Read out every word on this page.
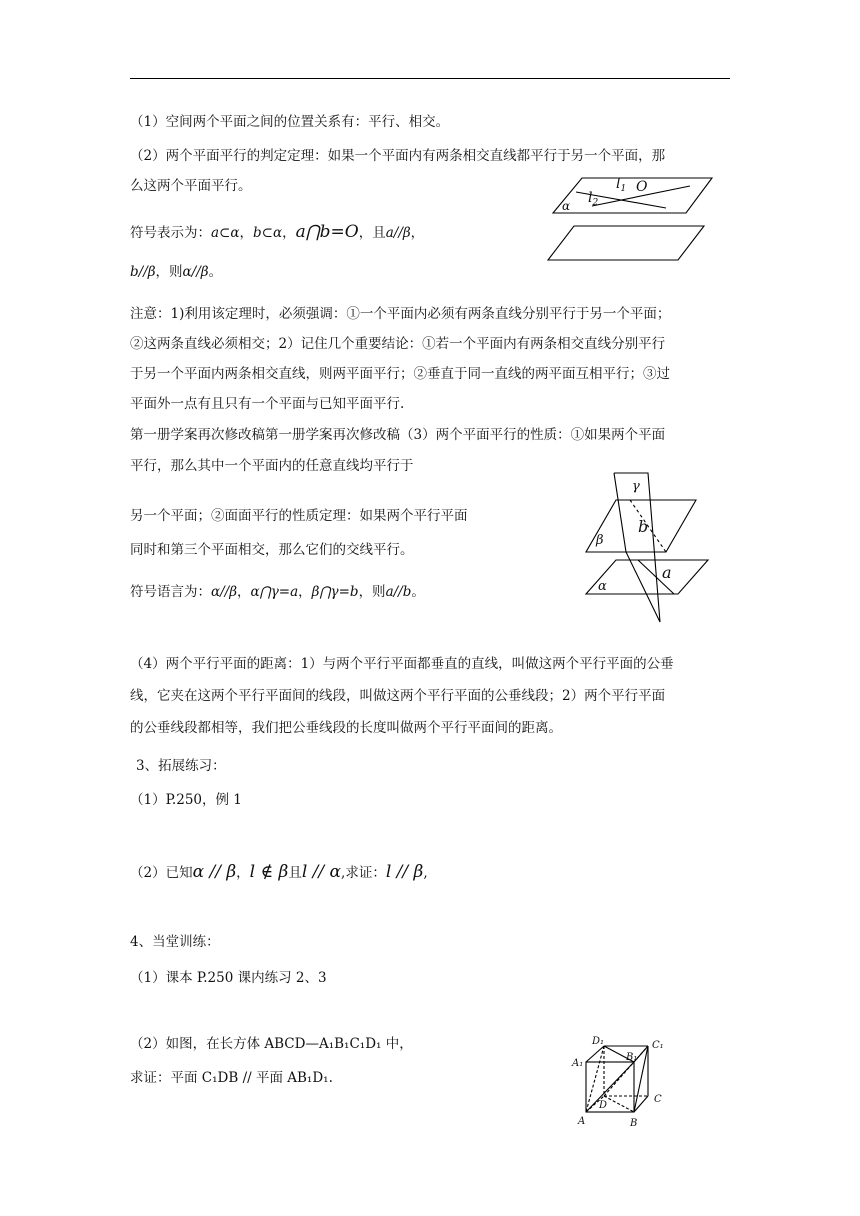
（1）空间两个平面之间的位置关系有：平行、相交。
（2）两个平面平行的判定定理：如果一个平面内有两条相交直线都平行于另一个平面，那
么这两个平面平行。
符号表示为：a⊂α，b⊂α，a⋂b=O，且a//β，
b//β，则α//β。
$l_1$ O
$l_2$
α
注意：1)利用该定理时，必须强调：①一个平面内必须有两条直线分别平行于另一个平面；
②这两条直线必须相交；2）记住几个重要结论：①若一个平面内有两条相交直线分别平行
于另一个平面内两条相交直线，则两平面平行；②垂直于同一直线的两平面互相平行；③过
平面外一点有且只有一个平面与已知平面平行.
第一册学案再次修改稿第一册学案再次修改稿（3）两个平面平行的性质：①如果两个平面
平行，那么其中一个平面内的任意直线均平行于
另一个平面；②面面平行的性质定理：如果两个平行平面
同时和第三个平面相交，那么它们的交线平行。
符号语言为：α//β，α⋂γ=a，β⋂γ=b，则a//b。
γ
b
β
a
α
（4）两个平行平面的距离：1）与两个平行平面都垂直的直线，叫做这两个平行平面的公垂
线，它夹在这两个平行平面间的线段，叫做这两个平行平面的公垂线段；2）两个平行平面
的公垂线段都相等，我们把公垂线段的长度叫做两个平行平面间的距离。
3、拓展练习：
（1）P.250，例 1
（2）已知α // β，l ∉ β且l // α,求证：l // β,
4、当堂训练：
（1）课本 P.250 课内练习 2、3
（2）如图，在长方体 ABCD—A₁B₁C₁D₁ 中，
求证：平面 C₁DB // 平面 AB₁D₁.
D₁
B₁
C₁
A₁
D
C
A	B
